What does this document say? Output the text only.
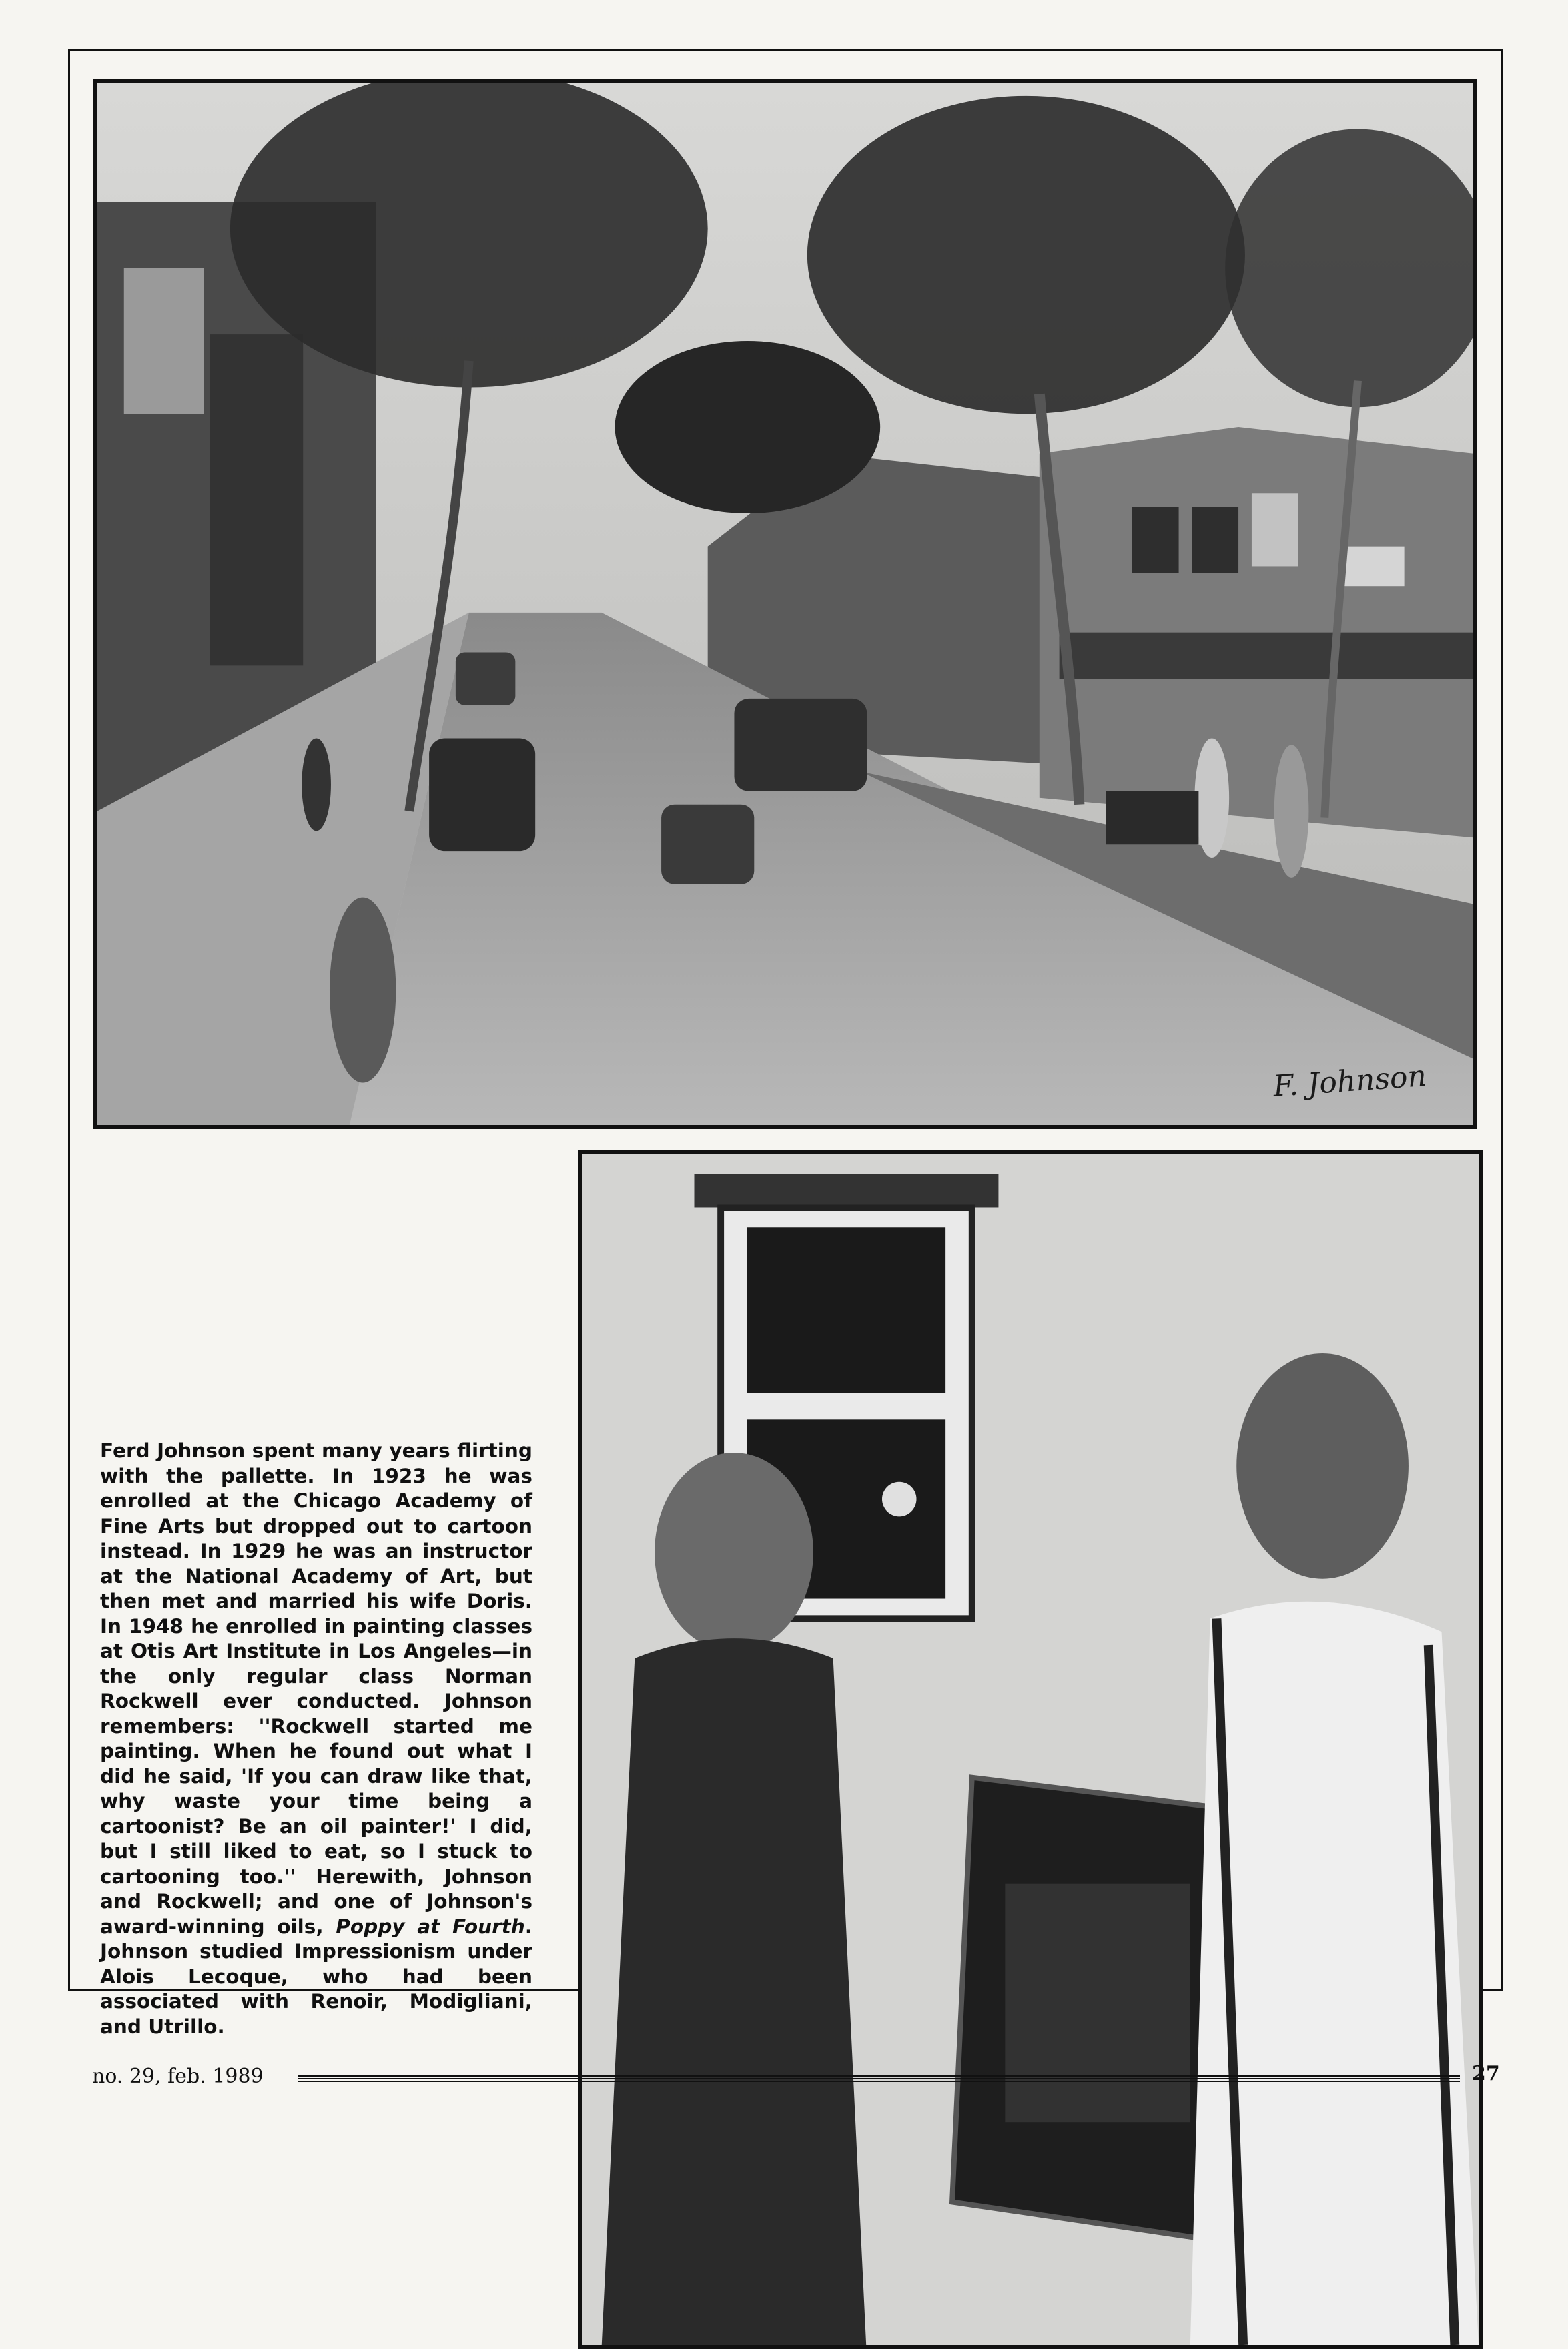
F. Johnson
Ferd Johnson spent many years flirting with the pallette. In 1923 he was enrolled at the Chicago Academy of Fine Arts but dropped out to cartoon instead. In 1929 he was an instructor at the National Academy of Art, but then met and married his wife Doris. In 1948 he enrolled in painting classes at Otis Art Institute in Los Angeles—in the only regular class Norman Rockwell ever conducted. Johnson remembers: ''Rockwell started me painting. When he found out what I did he said, 'If you can draw like that, why waste your time being a cartoonist? Be an oil painter!' I did, but I still liked to eat, so I stuck to cartooning too.'' Herewith, Johnson and Rockwell; and one of Johnson's award-winning oils, Poppy at Fourth. Johnson studied Impressionism under Alois Lecoque, who had been associated with Renoir, Modigliani, and Utrillo.
no. 29, feb. 1989	27
